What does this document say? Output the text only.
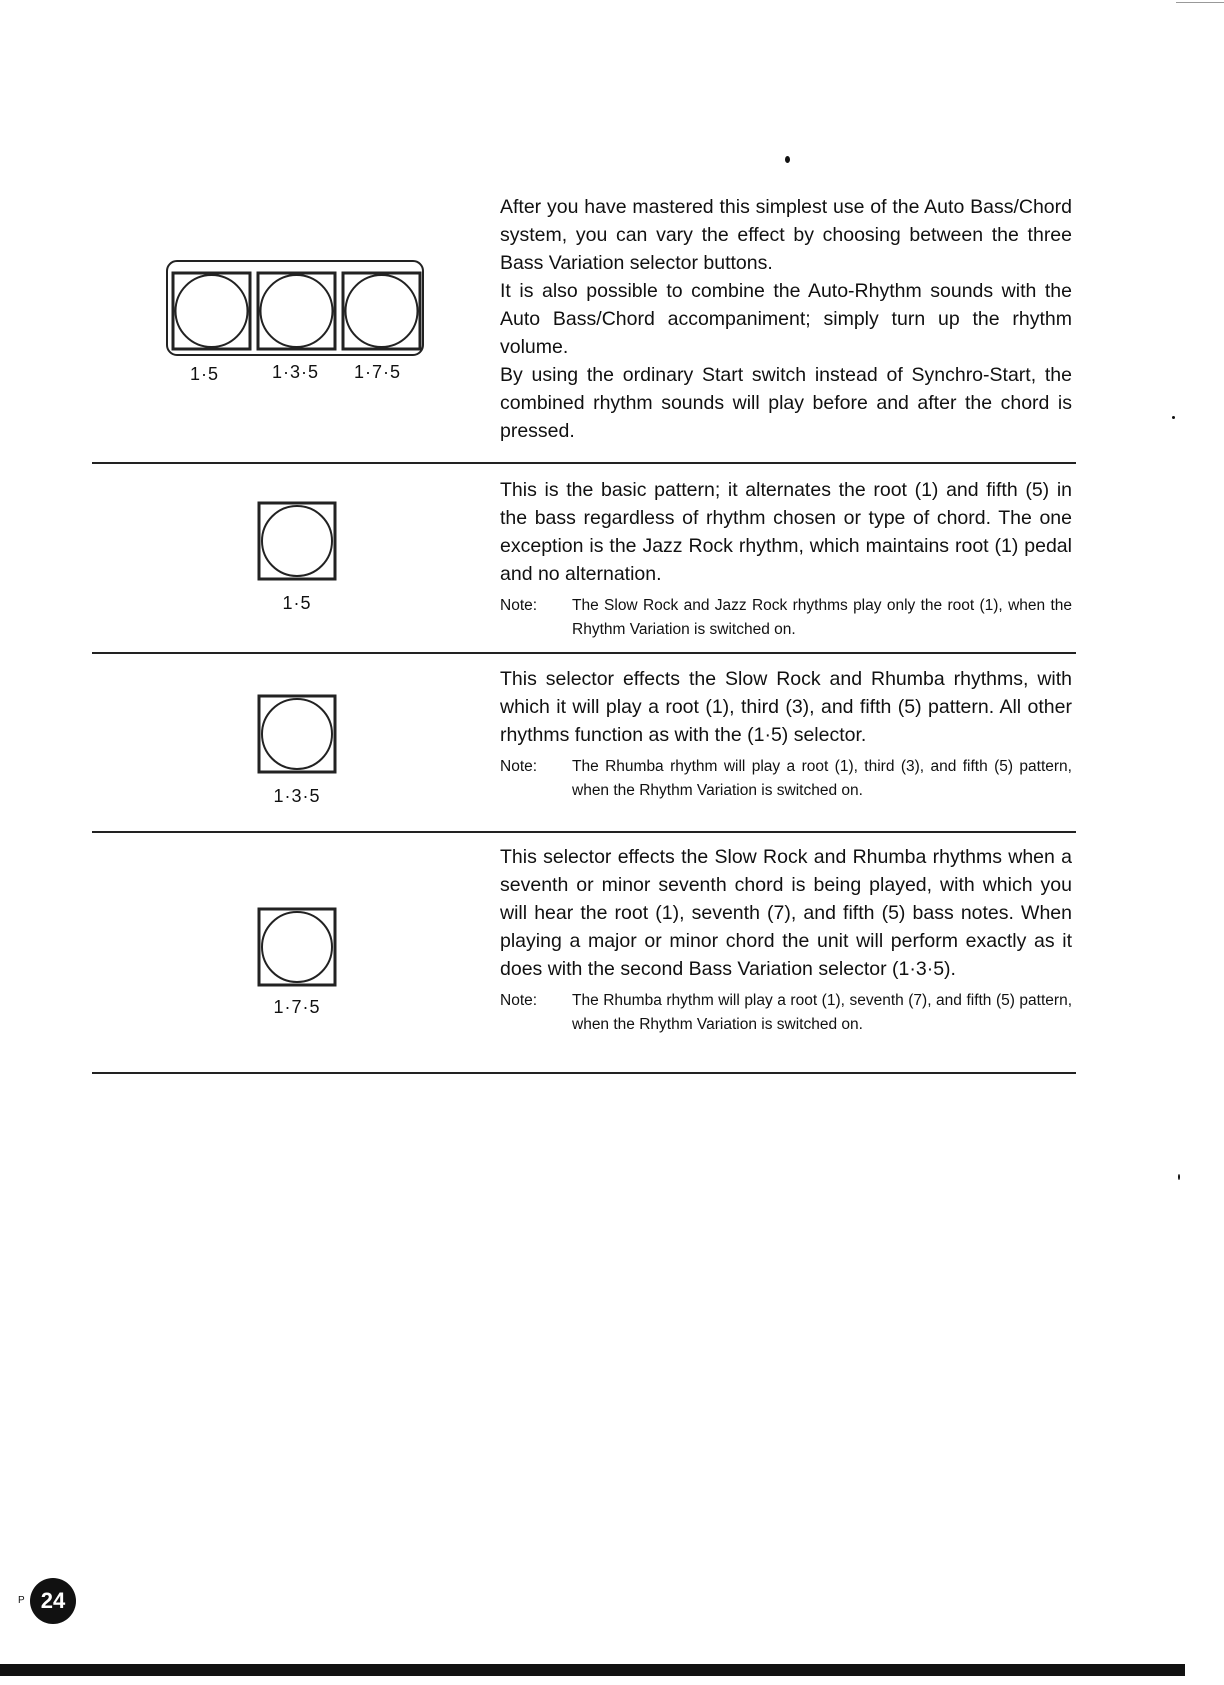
1·5	1·3·5 1·7·5

After you have mastered this simplest use of the Auto Bass/Chord system, you can vary the effect by choosing between the three Bass Variation selector buttons.

It is also possible to combine the Auto-Rhythm sounds with the Auto Bass/Chord accompaniment; simply turn up the rhythm volume.

By using the ordinary Start switch instead of Synchro-Start, the combined rhythm sounds will play before and after the chord is pressed.

1·5

This is the basic pattern; it alternates the root (1) and fifth (5) in the bass regardless of rhythm chosen or type of chord. The one exception is the Jazz Rock rhythm, which maintains root (1) pedal and no alternation.

Note:	The Slow Rock and Jazz Rock rhythms play only the root (1), when the Rhythm Variation is switched on.
1·3·5

This selector effects the Slow Rock and Rhumba rhythms, with which it will play a root (1), third (3), and fifth (5) pattern. All other rhythms function as with the (1·5) selector.

Note:	The Rhumba rhythm will play a root (1), third (3), and fifth (5) pattern, when the Rhythm Variation is switched on.
1·7·5

This selector effects the Slow Rock and Rhumba rhythms when a seventh or minor seventh chord is being played, with which you will hear the root (1), seventh (7), and fifth (5) bass notes. When playing a major or minor chord the unit will perform exactly as it does with the second Bass Variation selector (1·3·5).

Note:	The Rhumba rhythm will play a root (1), seventh (7), and fifth (5) pattern, when the Rhythm Variation is switched on.
P 24
